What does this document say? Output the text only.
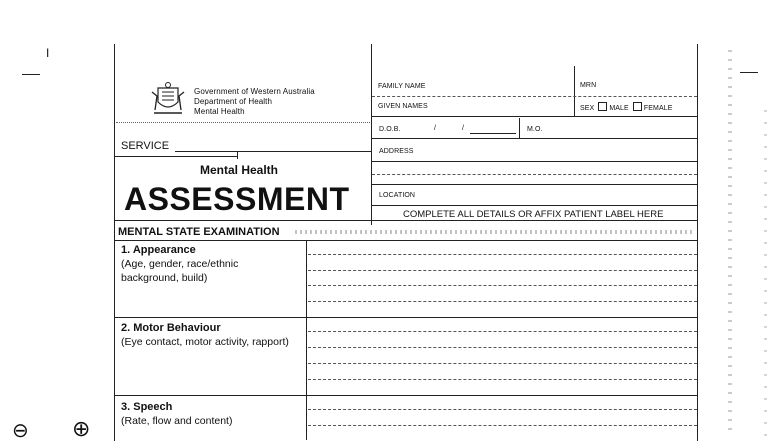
I
⊖ ⊕
Government of Western Australia
Department of Health
Mental Health
SERVICE
Mental Health
ASSESSMENT
FAMILY NAME	MRN
GIVEN NAMES	SEX MALE FEMALE
D.O.B.	/	/	M.O.
ADDRESS
LOCATION
COMPLETE ALL DETAILS OR AFFIX PATIENT LABEL HERE
MENTAL STATE EXAMINATION
1. Appearance
(Age, gender, race/ethnic
background, build)
2. Motor Behaviour
(Eye contact, motor activity, rapport)
3. Speech
(Rate, flow and content)
